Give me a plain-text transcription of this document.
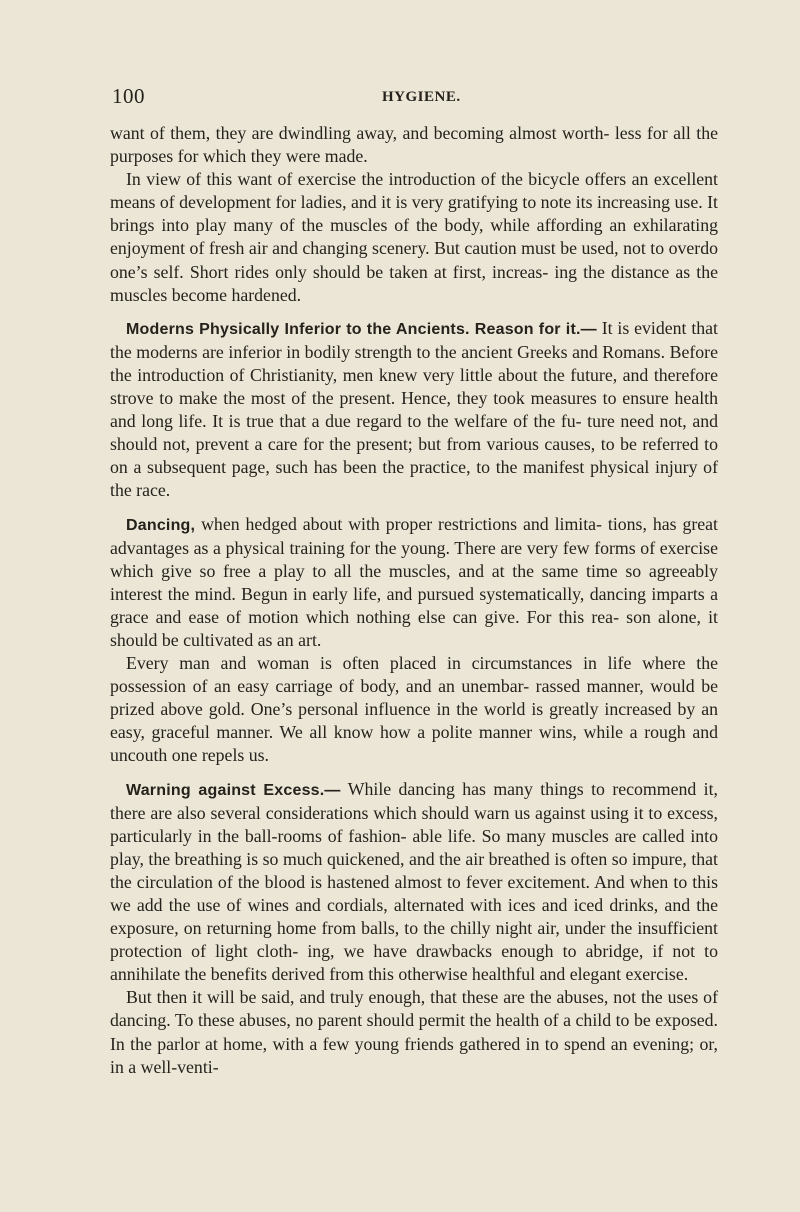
100	HYGIENE.

want of them, they are dwindling away, and becoming almost worth- less for all the purposes for which they were made.

In view of this want of exercise the introduction of the bicycle offers an excellent means of development for ladies, and it is very gratifying to note its increasing use. It brings into play many of the muscles of the body, while affording an exhilarating enjoyment of fresh air and changing scenery. But caution must be used, not to overdo one’s self. Short rides only should be taken at first, increas- ing the distance as the muscles become hardened.

Moderns Physically Inferior to the Ancients. Reason for it.— It is evident that the moderns are inferior in bodily strength to the ancient Greeks and Romans. Before the introduction of Christianity, men knew very little about the future, and therefore strove to make the most of the present. Hence, they took measures to ensure health and long life. It is true that a due regard to the welfare of the fu- ture need not, and should not, prevent a care for the present; but from various causes, to be referred to on a subsequent page, such has been the practice, to the manifest physical injury of the race.

Dancing, when hedged about with proper restrictions and limita- tions, has great advantages as a physical training for the young. There are very few forms of exercise which give so free a play to all the muscles, and at the same time so agreeably interest the mind. Begun in early life, and pursued systematically, dancing imparts a grace and ease of motion which nothing else can give. For this rea- son alone, it should be cultivated as an art.

Every man and woman is often placed in circumstances in life where the possession of an easy carriage of body, and an unembar- rassed manner, would be prized above gold. One’s personal influence in the world is greatly increased by an easy, graceful manner. We all know how a polite manner wins, while a rough and uncouth one repels us.

Warning against Excess.— While dancing has many things to recommend it, there are also several considerations which should warn us against using it to excess, particularly in the ball-rooms of fashion- able life. So many muscles are called into play, the breathing is so much quickened, and the air breathed is often so impure, that the circulation of the blood is hastened almost to fever excitement. And when to this we add the use of wines and cordials, alternated with ices and iced drinks, and the exposure, on returning home from balls, to the chilly night air, under the insufficient protection of light cloth- ing, we have drawbacks enough to abridge, if not to annihilate the benefits derived from this otherwise healthful and elegant exercise.

But then it will be said, and truly enough, that these are the abuses, not the uses of dancing. To these abuses, no parent should permit the health of a child to be exposed. In the parlor at home, with a few young friends gathered in to spend an evening; or, in a well-venti-
